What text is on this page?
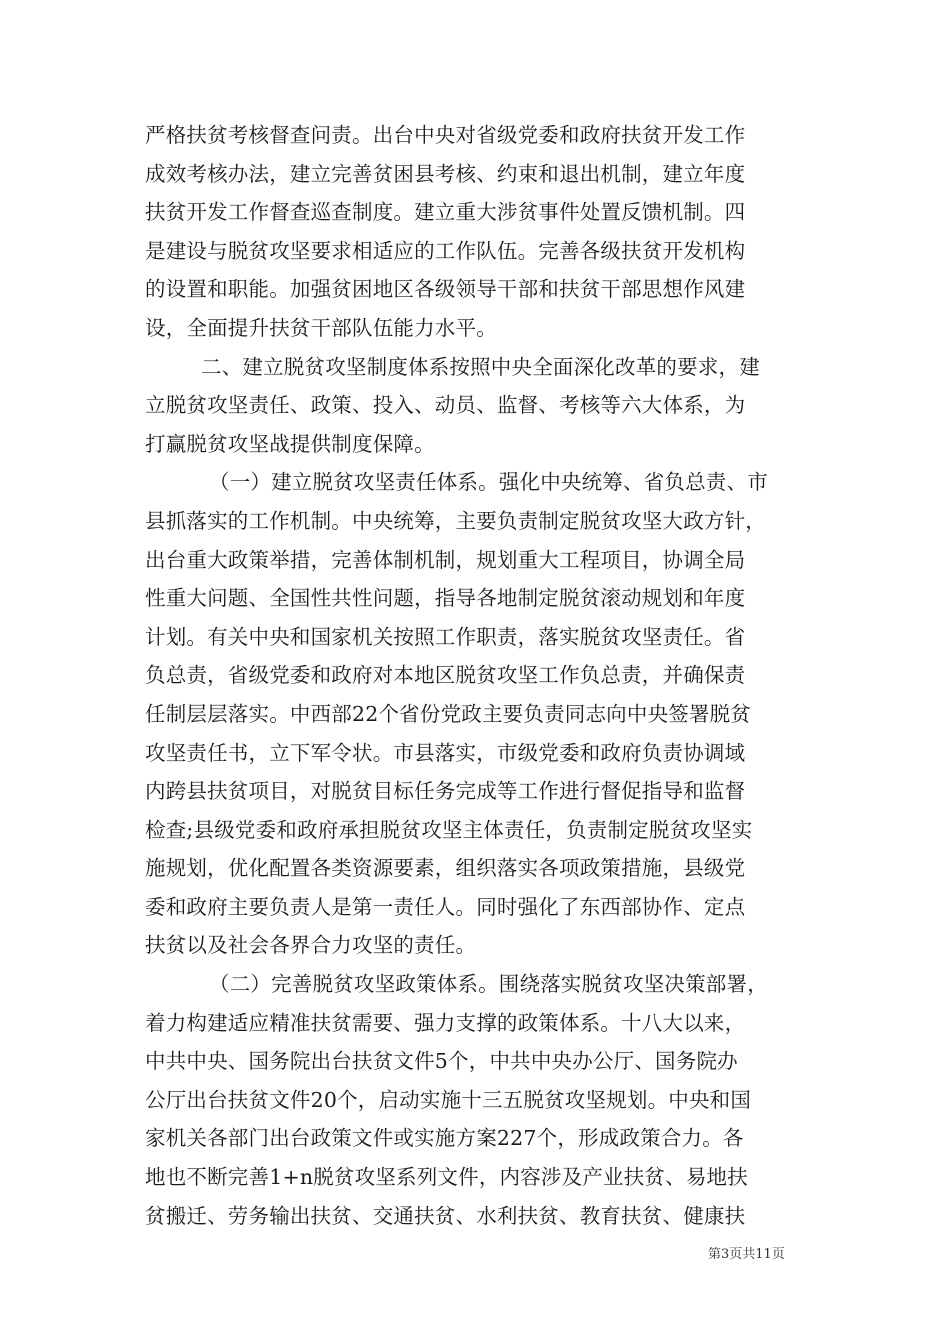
严格扶贫考核督查问责。出台中央对省级党委和政府扶贫开发工作
成效考核办法，建立完善贫困县考核、约束和退出机制，建立年度
扶贫开发工作督查巡查制度。建立重大涉贫事件处置反馈机制。四
是建设与脱贫攻坚要求相适应的工作队伍。完善各级扶贫开发机构
的设置和职能。加强贫困地区各级领导干部和扶贫干部思想作风建
设，全面提升扶贫干部队伍能力水平。
二、建立脱贫攻坚制度体系按照中央全面深化改革的要求，建
立脱贫攻坚责任、政策、投入、动员、监督、考核等六大体系，为
打赢脱贫攻坚战提供制度保障。
（一）建立脱贫攻坚责任体系。强化中央统筹、省负总责、市
县抓落实的工作机制。中央统筹，主要负责制定脱贫攻坚大政方针，
出台重大政策举措，完善体制机制，规划重大工程项目，协调全局
性重大问题、全国性共性问题，指导各地制定脱贫滚动规划和年度
计划。有关中央和国家机关按照工作职责，落实脱贫攻坚责任。省
负总责，省级党委和政府对本地区脱贫攻坚工作负总责，并确保责
任制层层落实。中西部22个省份党政主要负责同志向中央签署脱贫
攻坚责任书，立下军令状。市县落实，市级党委和政府负责协调域
内跨县扶贫项目，对脱贫目标任务完成等工作进行督促指导和监督
检查;县级党委和政府承担脱贫攻坚主体责任，负责制定脱贫攻坚实
施规划，优化配置各类资源要素，组织落实各项政策措施，县级党
委和政府主要负责人是第一责任人。同时强化了东西部协作、定点
扶贫以及社会各界合力攻坚的责任。
（二）完善脱贫攻坚政策体系。围绕落实脱贫攻坚决策部署，
着力构建适应精准扶贫需要、强力支撑的政策体系。十八大以来，
中共中央、国务院出台扶贫文件5个，中共中央办公厅、国务院办
公厅出台扶贫文件20个，启动实施十三五脱贫攻坚规划。中央和国
家机关各部门出台政策文件或实施方案227个，形成政策合力。各
地也不断完善1+n脱贫攻坚系列文件，内容涉及产业扶贫、易地扶
贫搬迁、劳务输出扶贫、交通扶贫、水利扶贫、教育扶贫、健康扶
第3页共11页
